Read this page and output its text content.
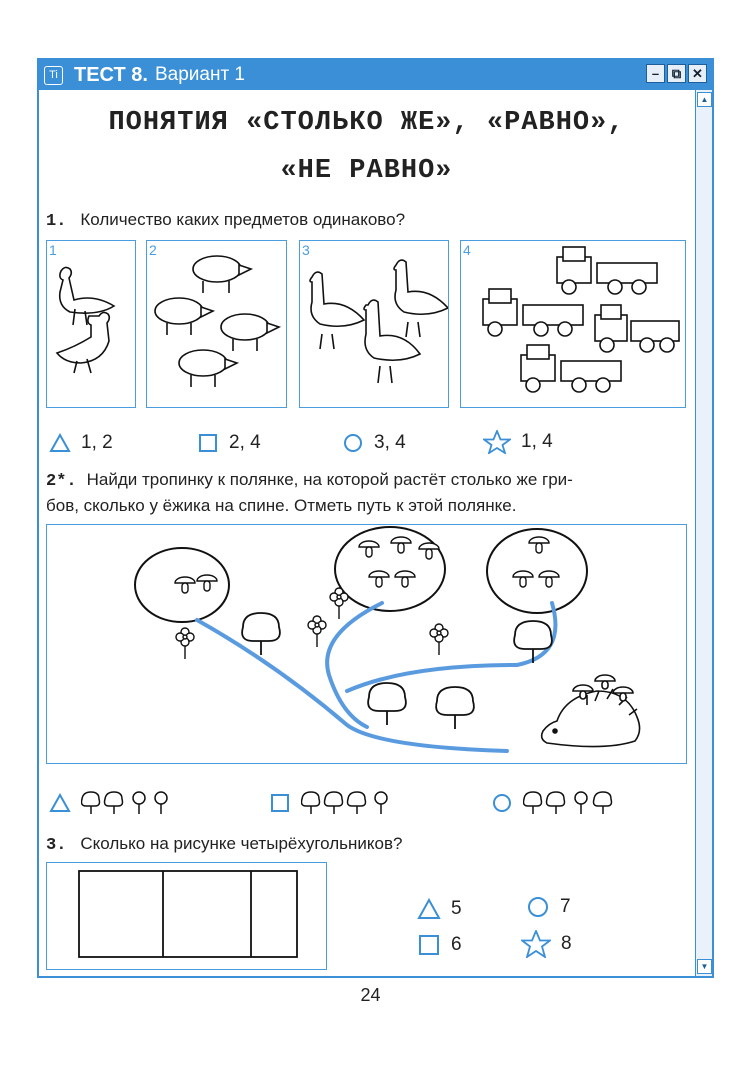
Ti ТЕСТ 8. Вариант 1	– ⧉ ✕
▲
▼
ПОНЯТИЯ «СТОЛЬКО ЖЕ», «РАВНО»,
«НЕ РАВНО»
1. Количество каких предметов одинаково?
1	2	3	4
1, 2	2, 4	3, 4	1, 4
2*. Найди тропинку к полянке, на которой растёт столько же гри-
бов, сколько у ёжика на спине. Отметь путь к этой полянке.
3. Сколько на рисунке четырёхугольников?
5	7
6	8
24
